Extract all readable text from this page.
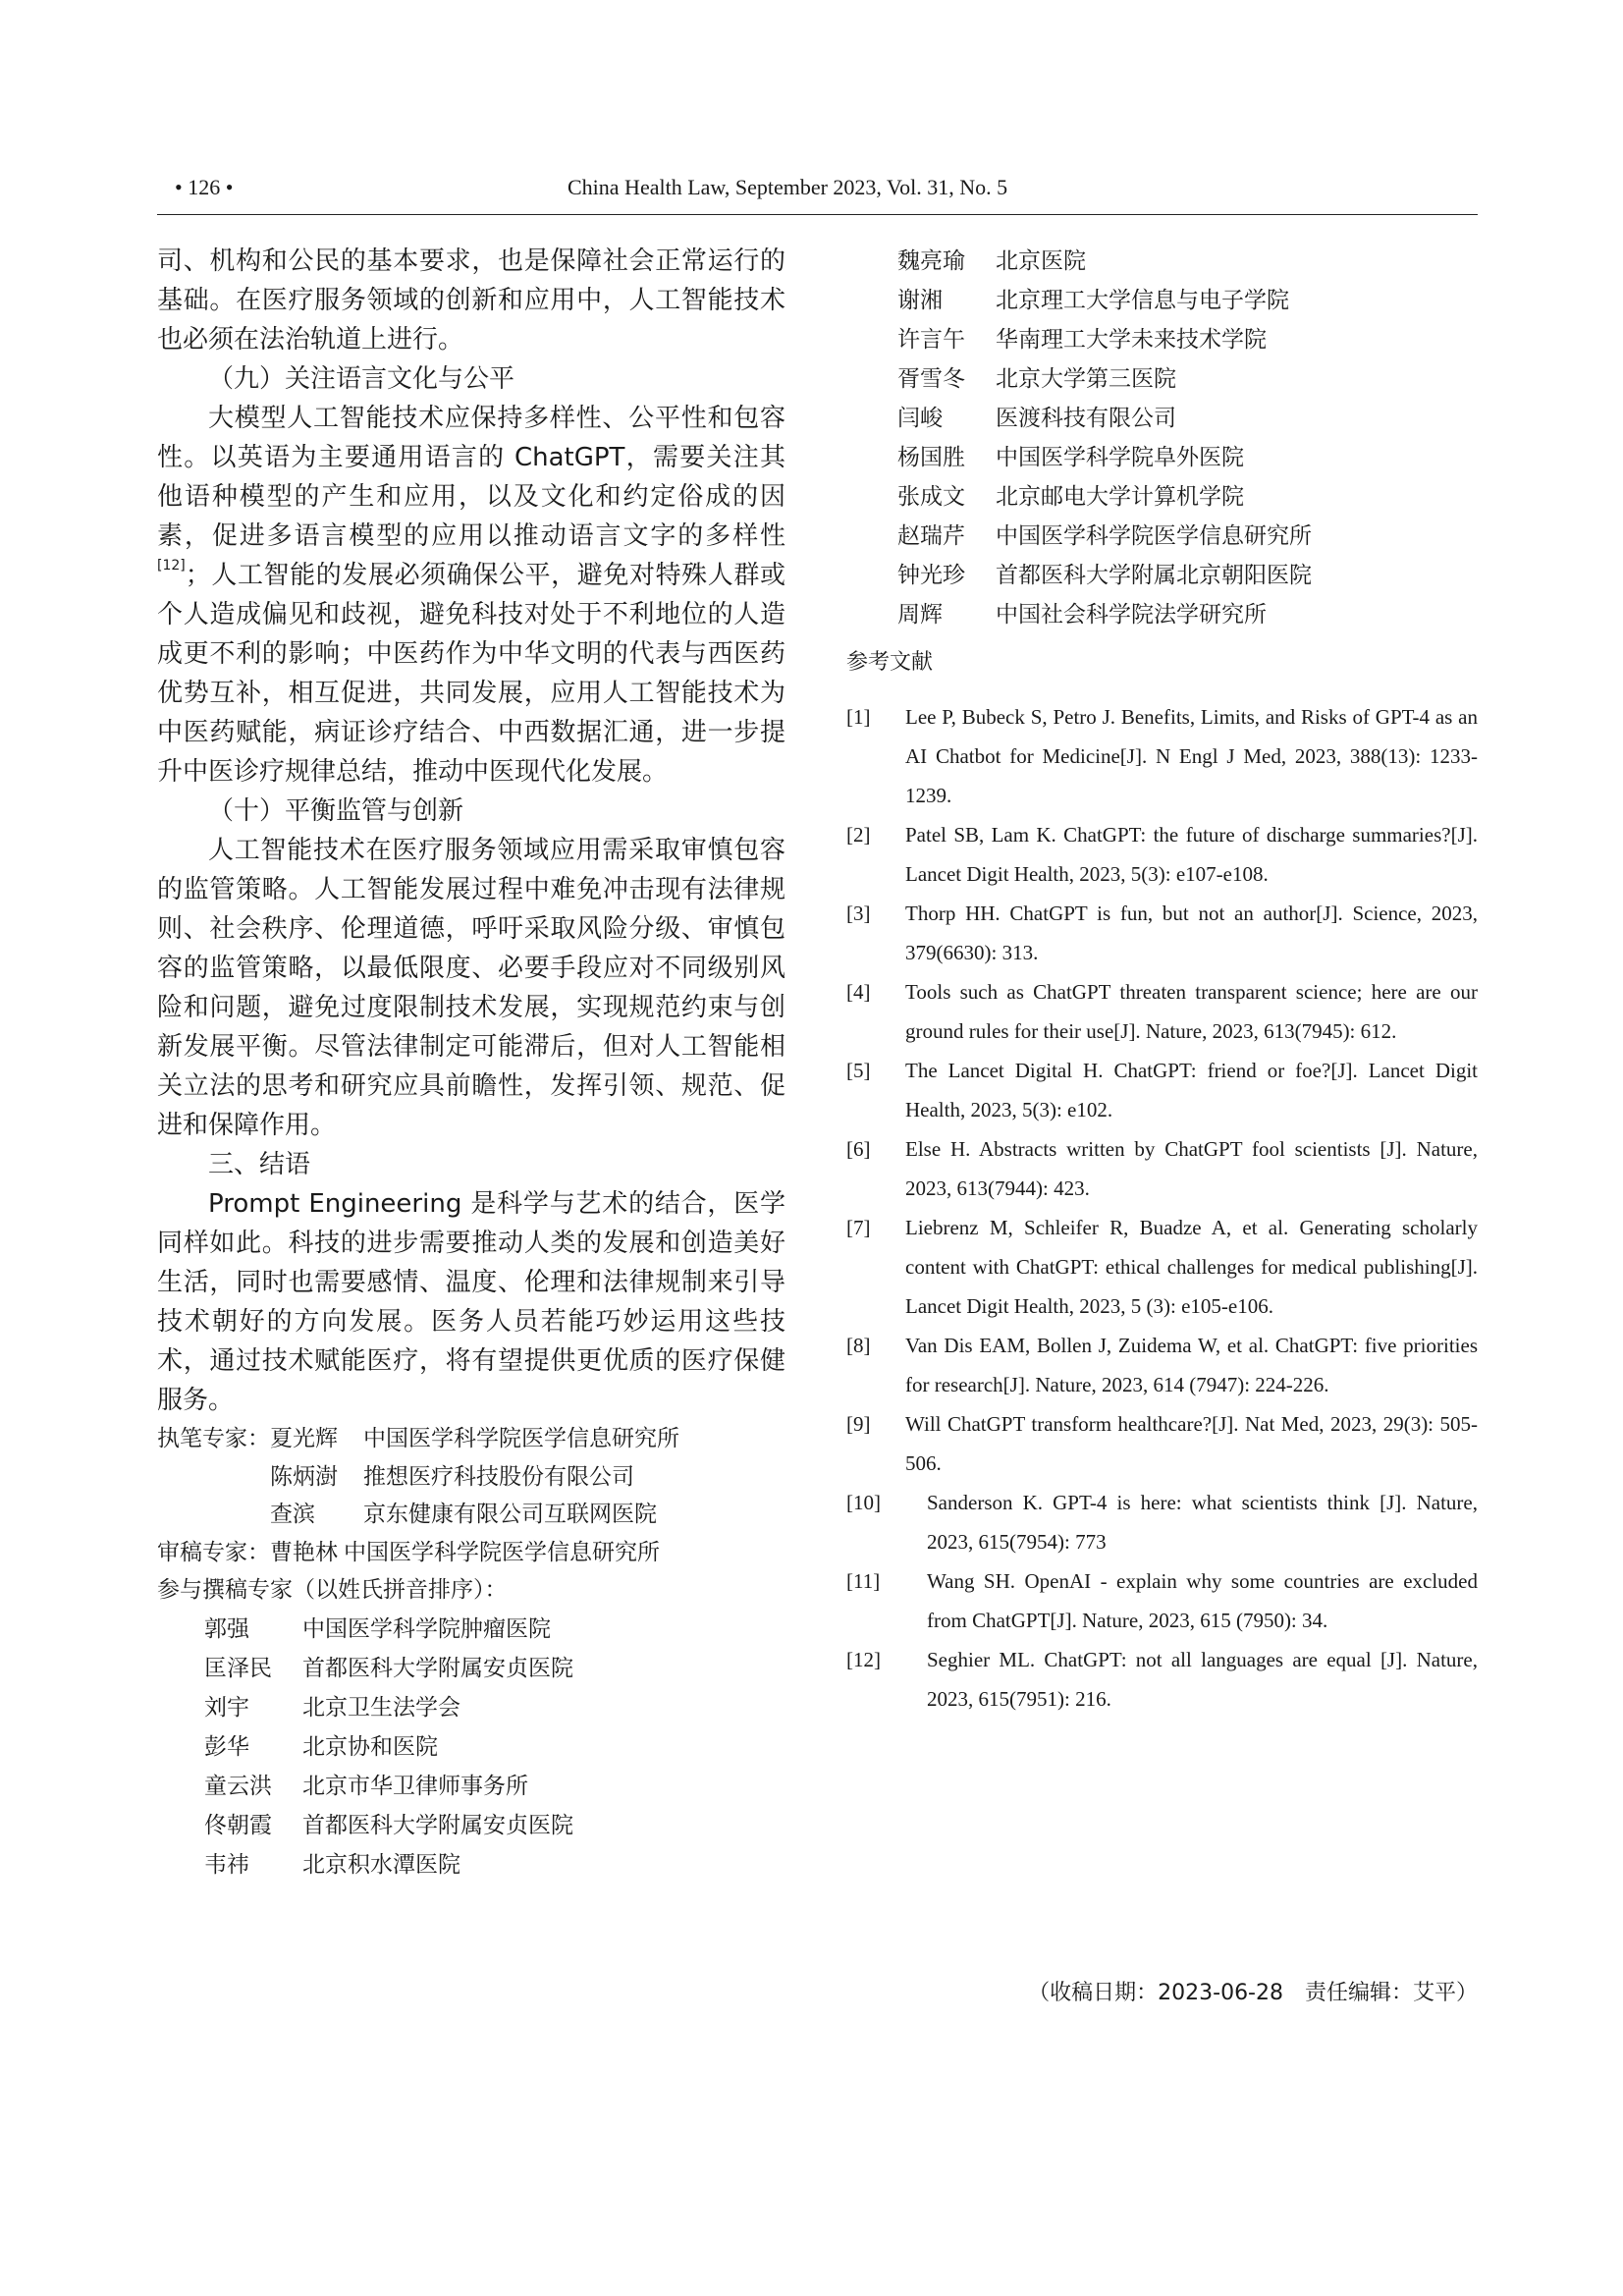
• 126 •	China Health Law, September 2023, Vol. 31, No. 5

司、机构和公民的基本要求，也是保障社会正常运行的基础。在医疗服务领域的创新和应用中，人工智能技术也必须在法治轨道上进行。

（九）关注语言文化与公平

大模型人工智能技术应保持多样性、公平性和包容性。以英语为主要通用语言的 ChatGPT，需要关注其他语种模型的产生和应用，以及文化和约定俗成的因素，促进多语言模型的应用以推动语言文字的多样性[12]；人工智能的发展必须确保公平，避免对特殊人群或个人造成偏见和歧视，避免科技对处于不利地位的人造成更不利的影响；中医药作为中华文明的代表与西医药优势互补，相互促进，共同发展，应用人工智能技术为中医药赋能，病证诊疗结合、中西数据汇通，进一步提升中医诊疗规律总结，推动中医现代化发展。

（十）平衡监管与创新

人工智能技术在医疗服务领域应用需采取审慎包容的监管策略。人工智能发展过程中难免冲击现有法律规则、社会秩序、伦理道德，呼吁采取风险分级、审慎包容的监管策略，以最低限度、必要手段应对不同级别风险和问题，避免过度限制技术发展，实现规范约束与创新发展平衡。尽管法律制定可能滞后，但对人工智能相关立法的思考和研究应具前瞻性，发挥引领、规范、促进和保障作用。

三、结语

Prompt Engineering 是科学与艺术的结合，医学同样如此。科技的进步需要推动人类的发展和创造美好生活，同时也需要感情、温度、伦理和法律规制来引导技术朝好的方向发展。医务人员若能巧妙运用这些技术，通过技术赋能医疗，将有望提供更优质的医疗保健服务。

执笔专家： 夏光辉 中国医学科学院医学信息研究所
陈炳澍 推想医疗科技股份有限公司
查滨 京东健康有限公司互联网医院
审稿专家： 曹艳林 中国医学科学院医学信息研究所
参与撰稿专家（以姓氏拼音排序）：
郭强 中国医学科学院肿瘤医院
匡泽民 首都医科大学附属安贞医院
刘宇 北京卫生法学会
彭华 北京协和医院
童云洪 北京市华卫律师事务所
佟朝霞 首都医科大学附属安贞医院
韦祎 北京积水潭医院
魏亮瑜 北京医院
谢湘 北京理工大学信息与电子学院
许言午 华南理工大学未来技术学院
胥雪冬 北京大学第三医院
闫峻 医渡科技有限公司
杨国胜 中国医学科学院阜外医院
张成文 北京邮电大学计算机学院
赵瑞芹 中国医学科学院医学信息研究所
钟光珍 首都医科大学附属北京朝阳医院
周辉 中国社会科学院法学研究所
参考文献
[1] Lee P, Bubeck S, Petro J. Benefits, Limits, and Risks of GPT-4 as an AI Chatbot for Medicine[J]. N Engl J Med, 2023, 388(13): 1233-1239.
[2] Patel SB, Lam K. ChatGPT: the future of discharge summaries?[J]. Lancet Digit Health, 2023, 5(3): e107-e108.
[3] Thorp HH. ChatGPT is fun, but not an author[J]. Science, 2023, 379(6630): 313.
[4] Tools such as ChatGPT threaten transparent science; here are our ground rules for their use[J]. Nature, 2023, 613(7945): 612.
[5] The Lancet Digital H. ChatGPT: friend or foe?[J]. Lancet Digit Health, 2023, 5(3): e102.
[6] Else H. Abstracts written by ChatGPT fool scientists [J]. Nature, 2023, 613(7944): 423.
[7] Liebrenz M, Schleifer R, Buadze A, et al. Generating scholarly content with ChatGPT: ethical challenges for medical publishing[J]. Lancet Digit Health, 2023, 5 (3): e105-e106.
[8] Van Dis EAM, Bollen J, Zuidema W, et al. ChatGPT: five priorities for research[J]. Nature, 2023, 614 (7947): 224-226.
[9] Will ChatGPT transform healthcare?[J]. Nat Med, 2023, 29(3): 505-506.
[10] Sanderson K. GPT-4 is here: what scientists think [J]. Nature, 2023, 615(7954): 773
[11] Wang SH. OpenAI - explain why some countries are excluded from ChatGPT[J]. Nature, 2023, 615 (7950): 34.
[12] Seghier ML. ChatGPT: not all languages are equal [J]. Nature, 2023, 615(7951): 216.
（收稿日期：2023-06-28　责任编辑：艾平）
